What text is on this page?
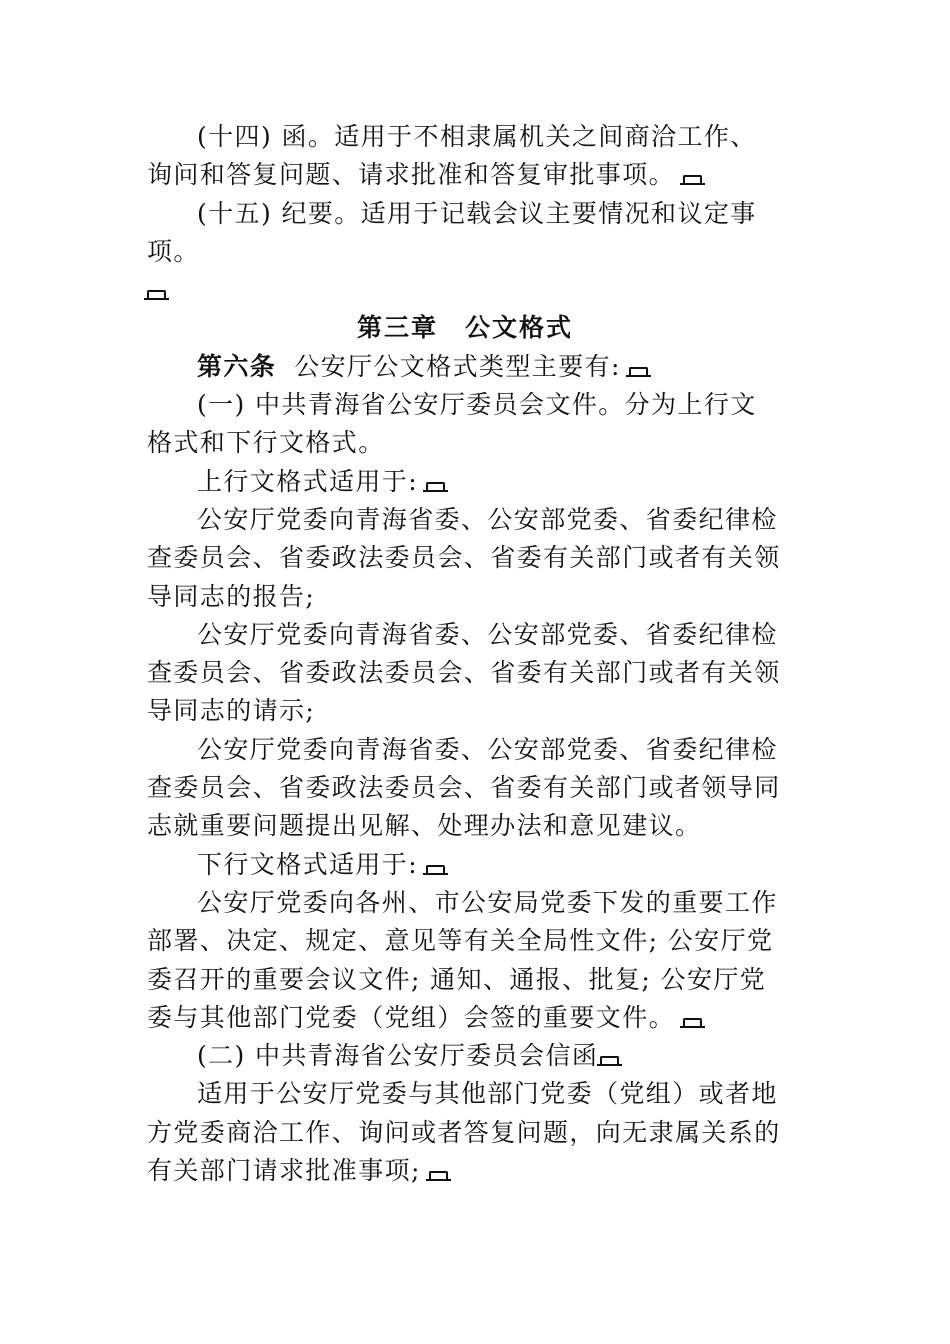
(十四) 函。适用于不相隶属机关之间商洽工作、询问和答复问题、请求批准和答复审批事项。

(十五) 纪要。适用于记载会议主要情况和议定事项。

第三章　公文格式

第六条 公安厅公文格式类型主要有:

(一) 中共青海省公安厅委员会文件。分为上行文格式和下行文格式。

上行文格式适用于:

公安厅党委向青海省委、公安部党委、省委纪律检查委员会、省委政法委员会、省委有关部门或者有关领导同志的报告;

公安厅党委向青海省委、公安部党委、省委纪律检查委员会、省委政法委员会、省委有关部门或者有关领导同志的请示;

公安厅党委向青海省委、公安部党委、省委纪律检查委员会、省委政法委员会、省委有关部门或者领导同志就重要问题提出见解、处理办法和意见建议。

下行文格式适用于:

公安厅党委向各州、市公安局党委下发的重要工作部署、决定、规定、意见等有关全局性文件; 公安厅党委召开的重要会议文件; 通知、通报、批复; 公安厅党委与其他部门党委（党组）会签的重要文件。

(二) 中共青海省公安厅委员会信函

适用于公安厅党委与其他部门党委（党组）或者地方党委商洽工作、询问或者答复问题，向无隶属关系的有关部门请求批准事项;
